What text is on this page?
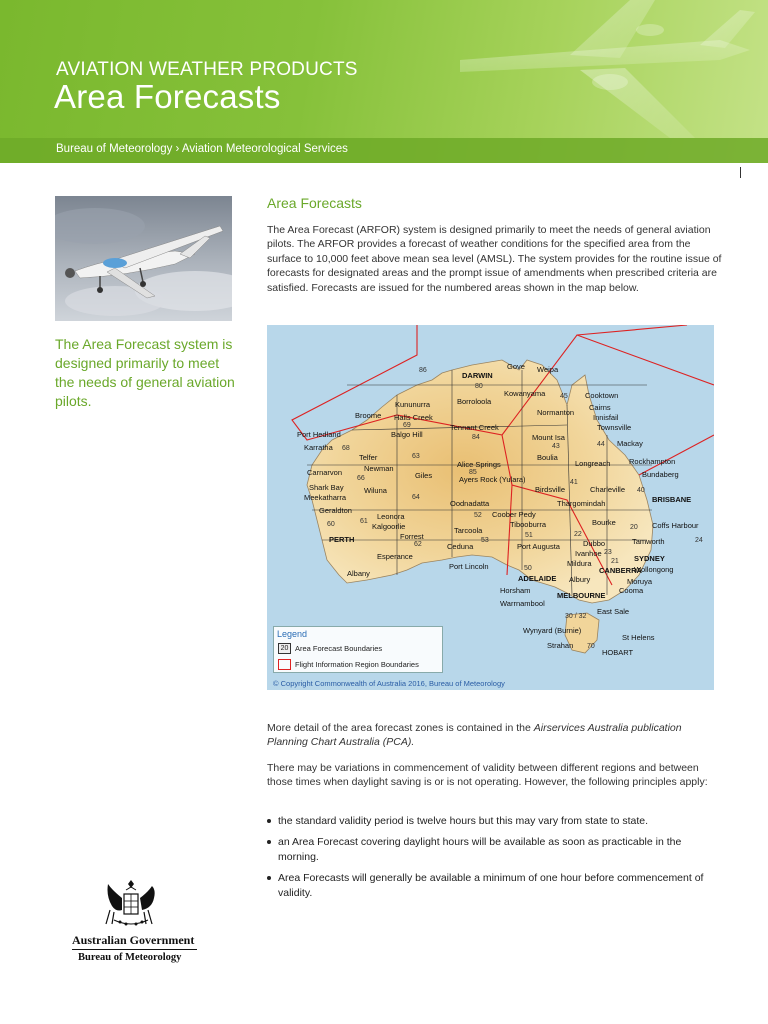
AVIATION WEATHER PRODUCTS
Area Forecasts
Bureau of Meteorology › Aviation Meteorological Services
The Area Forecast system is designed primarily to meet the needs of general aviation pilots.
Area Forecasts
The Area Forecast (ARFOR) system is designed primarily to meet the needs of general aviation pilots. The ARFOR provides a forecast of weather conditions for the specified area from the surface to 10,000 feet above mean sea level (AMSL). The system provides for the routine issue of forecasts for designated areas and the prompt issue of amendments when prescribed criteria are satisfied. Forecasts are issued for the numbered areas shown in the map below.
DARWIN
Gove Weipa
Kowanyama	Cooktown
Cairns
Innisfail
Normanton
Borroloola
Kununurra
Broome Halls Creek
Balgo Hill
Tennant Creek
Mount Isa
Townsville
Mackay
Port Hedland
Karratha
Telfer
Alice Springs
Ayers Rock (Yulara)
Boulia
Longreach Rockhampton
Bundaberg
Carnarvon	Newman
Giles
Birdsville	Charleville
BRISBANE
Shark Bay
Meekatharra
Wiluna
Oodnadatta
Coober Pedy
Thargomindah
Geraldton
Leonora
Kalgoorlie	Tibooburra	Bourke	Coffs Harbour
PERTH	Forrest
Tarcoola
Dubbo	Tamworth
Esperance
Ceduna	Port Augusta
Ivanhoe
SYDNEY
Albany
Port Lincoln	Mildura
CANBERRA
Wollongong
ADELAIDE Albury	Moruya
Horsham
MELBOURNE
Cooma
Warrnambool
East Sale
Wynyard (Burnie)
St Helens
Strahan
HOBART
86
80
45
43	44
69
84
68
63
85
41
40
66
64
52
51	22
20
24
60	61
62
53
23
21
50
30 / 32
70
Legend
20 Area Forecast Boundaries
Flight Information Region Boundaries
© Copyright Commonwealth of Australia 2016, Bureau of Meteorology
More detail of the area forecast zones is contained in the Airservices Australia publication Planning Chart Australia (PCA).
There may be variations in commencement of validity between different regions and between those times when daylight saving is or is not operating. However, the following principles apply:
the standard validity period is twelve hours but this may vary from state to state.
an Area Forecast covering daylight hours will be available as soon as practicable in the morning.
Area Forecasts will generally be available a minimum of one hour before commencement of validity.
Australian Government
Bureau of Meteorology
